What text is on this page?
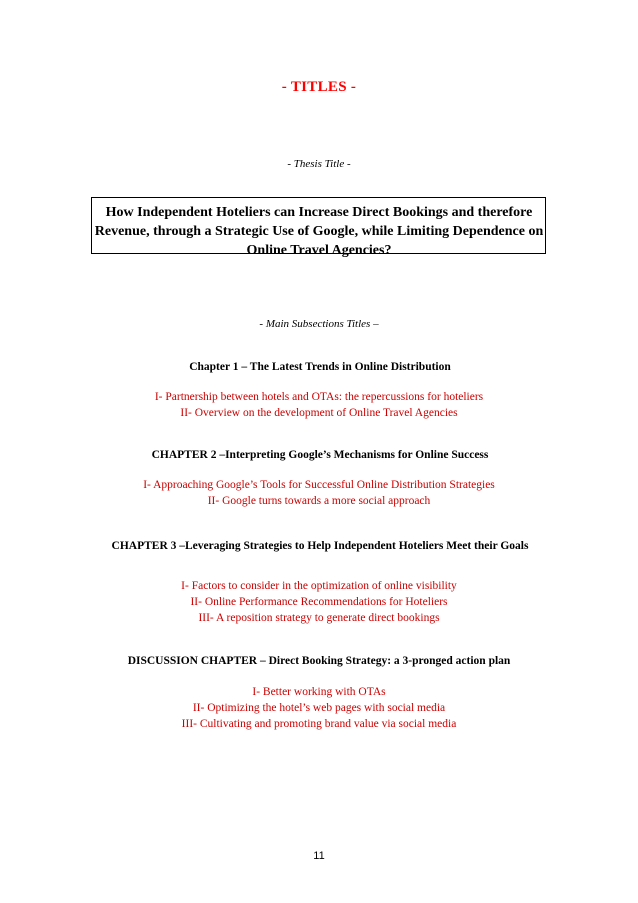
- TITLES -
- Thesis Title -
How Independent Hoteliers can Increase Direct Bookings and therefore Revenue, through a Strategic Use of Google, while Limiting Dependence on Online Travel Agencies?
- Main Subsections Titles –
Chapter 1 – The Latest Trends in Online Distribution
I- Partnership between hotels and OTAs: the repercussions for hoteliers
II- Overview on the development of Online Travel Agencies
CHAPTER 2 –Interpreting Google’s Mechanisms for Online Success
I- Approaching Google’s Tools for Successful Online Distribution Strategies
II- Google turns towards a more social approach
CHAPTER 3 –Leveraging Strategies to Help Independent Hoteliers Meet their Goals
I- Factors to consider in the optimization of online visibility
II- Online Performance Recommendations for Hoteliers
III- A reposition strategy to generate direct bookings
DISCUSSION CHAPTER – Direct Booking Strategy: a 3-pronged action plan
I- Better working with OTAs
II- Optimizing the hotel’s web pages with social media
III- Cultivating and promoting brand value via social media
11
